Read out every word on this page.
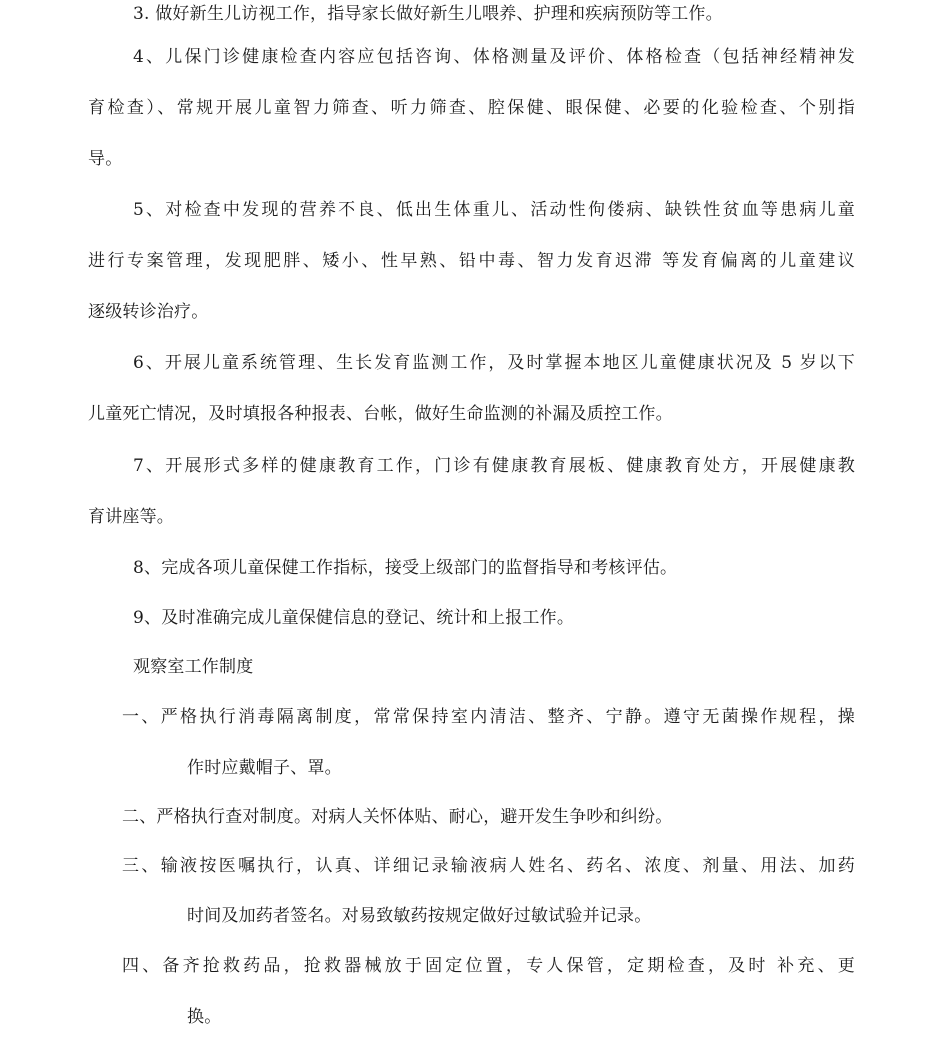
3. 做好新生儿访视工作，指导家长做好新生儿喂养、护理和疾病预防等工作。
4、儿保门诊健康检查内容应包括咨询、体格测量及评价、体格检查（包括神经精神发
育检查）、常规开展儿童智力筛查、听力筛查、腔保健、眼保健、必要的化验检查、个别指
导。
5、对检查中发现的营养不良、低出生体重儿、活动性佝偻病、缺铁性贫血等患病儿童
进行专案管理，发现肥胖、矮小、性早熟、铅中毒、智力发育迟滞 等发育偏离的儿童建议
逐级转诊治疗。
6、开展儿童系统管理、生长发育监测工作，及时掌握本地区儿童健康状况及 5 岁以下
儿童死亡情况，及时填报各种报表、台帐，做好生命监测的补漏及质控工作。
7、开展形式多样的健康教育工作，门诊有健康教育展板、健康教育处方，开展健康教
育讲座等。
8、完成各项儿童保健工作指标，接受上级部门的监督指导和考核评估。
9、及时准确完成儿童保健信息的登记、统计和上报工作。
观察室工作制度
一、严格执行消毒隔离制度，常常保持室内清洁、整齐、宁静。遵守无菌操作规程，操
作时应戴帽子、罩。
二、严格执行查对制度。对病人关怀体贴、耐心，避开发生争吵和纠纷。
三、输液按医嘱执行，认真、详细记录输液病人姓名、药名、浓度、剂量、用法、加药
时间及加药者签名。对易致敏药按规定做好过敏试验并记录。
四、备齐抢救药品，抢救器械放于固定位置，专人保管，定期检查，及时 补充、更
换。
